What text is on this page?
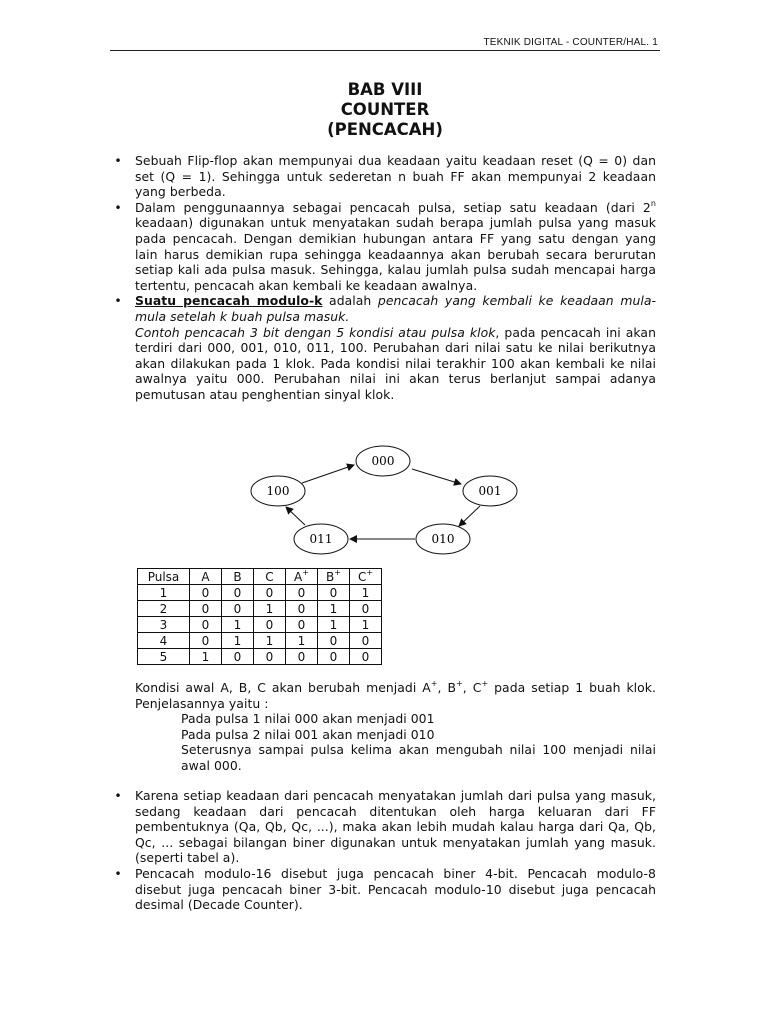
TEKNIK DIGITAL - COUNTER/HAL. 1
BAB VIII
COUNTER
(PENCACAH)

• Sebuah Flip-flop akan mempunyai dua keadaan yaitu keadaan reset (Q = 0) dan set (Q = 1). Sehingga untuk sederetan n buah FF akan mempunyai 2 keadaan yang berbeda.

• Dalam penggunaannya sebagai pencacah pulsa, setiap satu keadaan (dari 2$^n$ keadaan) digunakan untuk menyatakan sudah berapa jumlah pulsa yang masuk pada pencacah. Dengan demikian hubungan antara FF yang satu dengan yang lain harus demikian rupa sehingga keadaannya akan berubah secara berurutan setiap kali ada pulsa masuk. Sehingga, kalau jumlah pulsa sudah mencapai harga tertentu, pencacah akan kembali ke keadaan awalnya.

• Suatu pencacah modulo-k adalah pencacah yang kembali ke keadaan mula-mula setelah k buah pulsa masuk.
Contoh pencacah 3 bit dengan 5 kondisi atau pulsa klok, pada pencacah ini akan terdiri dari 000, 001, 010, 011, 100. Perubahan dari nilai satu ke nilai berikutnya akan dilakukan pada 1 klok. Pada kondisi nilai terakhir 100 akan kembali ke nilai awalnya yaitu 000. Perubahan nilai ini akan terus berlanjut sampai adanya pemutusan atau penghentian sinyal klok.

000
001
010
011
100
Pulsa	A	B	C	A+	B+	C+
1	0	0	0	0	0	1
2	0	0	1	0	1	0
3	0	1	0	0	1	1
4	0	1	1	1	0	0
5	1	0	0	0	0	0
Kondisi awal A, B, C akan berubah menjadi A+, B+, C+ pada setiap 1 buah klok. Penjelasannya yaitu :
Pada pulsa 1 nilai 000 akan menjadi 001
Pada pulsa 2 nilai 001 akan menjadi 010
Seterusnya sampai pulsa kelima akan mengubah nilai 100 menjadi nilai awal 000.

• Karena setiap keadaan dari pencacah menyatakan jumlah dari pulsa yang masuk, sedang keadaan dari pencacah ditentukan oleh harga keluaran dari FF pembentuknya (Qa, Qb, Qc, ...), maka akan lebih mudah kalau harga dari Qa, Qb, Qc, ... sebagai bilangan biner digunakan untuk menyatakan jumlah yang masuk. (seperti tabel a).

• Pencacah modulo-16 disebut juga pencacah biner 4-bit. Pencacah modulo-8 disebut juga pencacah biner 3-bit. Pencacah modulo-10 disebut juga pencacah desimal (Decade Counter).
